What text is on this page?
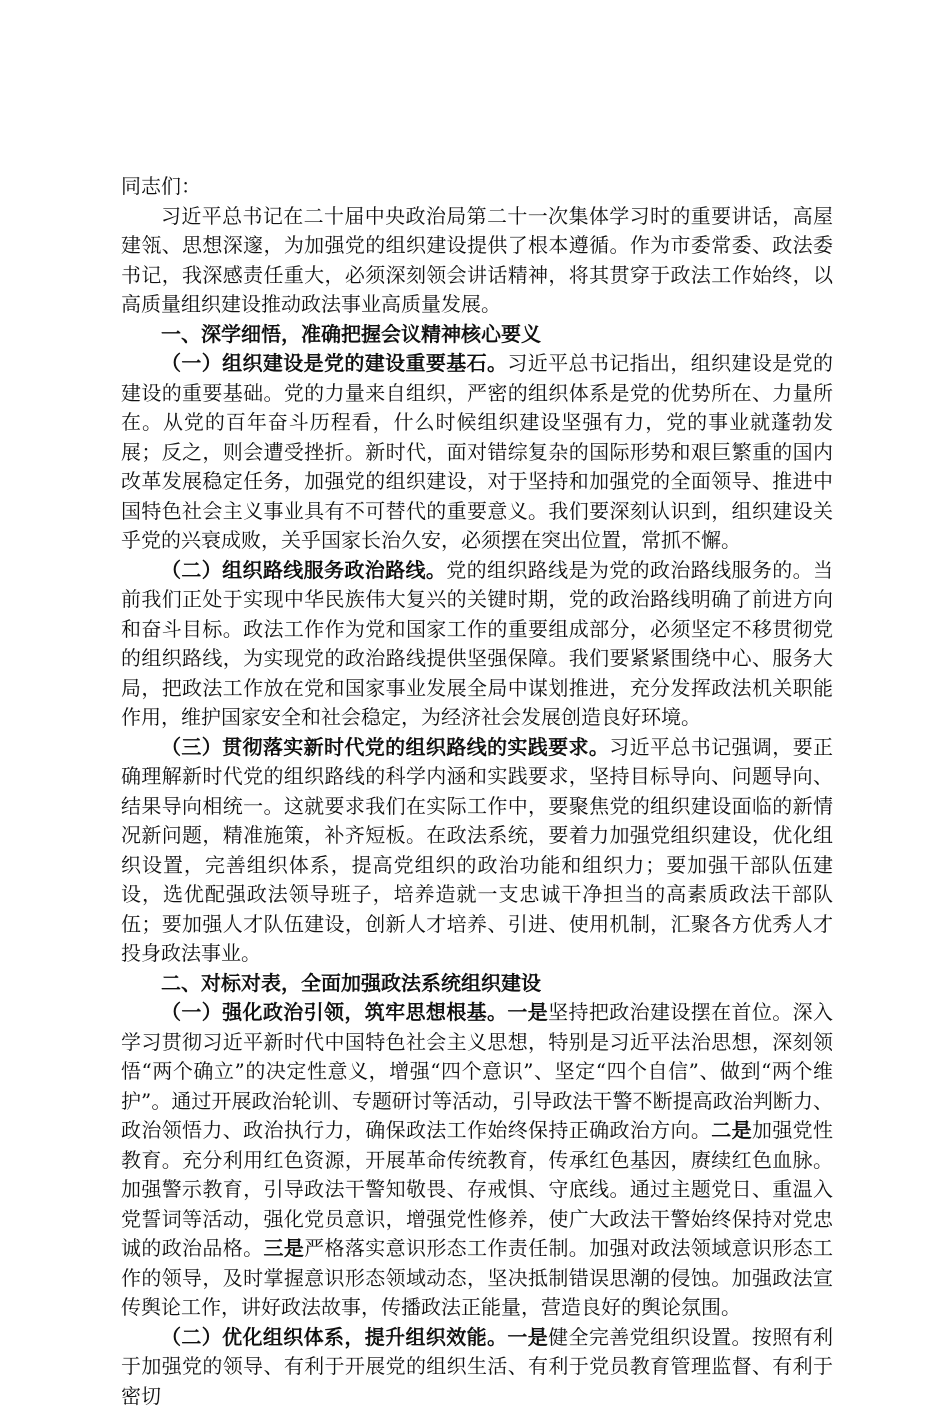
同志们：

习近平总书记在二十届中央政治局第二十一次集体学习时的重要讲话，高屋建瓴、思想深邃，为加强党的组织建设提供了根本遵循。作为市委常委、政法委书记，我深感责任重大，必须深刻领会讲话精神，将其贯穿于政法工作始终，以高质量组织建设推动政法事业高质量发展。

一、深学细悟，准确把握会议精神核心要义

（一）组织建设是党的建设重要基石。习近平总书记指出，组织建设是党的建设的重要基础。党的力量来自组织，严密的组织体系是党的优势所在、力量所在。从党的百年奋斗历程看，什么时候组织建设坚强有力，党的事业就蓬勃发展；反之，则会遭受挫折。新时代，面对错综复杂的国际形势和艰巨繁重的国内改革发展稳定任务，加强党的组织建设，对于坚持和加强党的全面领导、推进中国特色社会主义事业具有不可替代的重要意义。我们要深刻认识到，组织建设关乎党的兴衰成败，关乎国家长治久安，必须摆在突出位置，常抓不懈。

（二）组织路线服务政治路线。党的组织路线是为党的政治路线服务的。当前我们正处于实现中华民族伟大复兴的关键时期，党的政治路线明确了前进方向和奋斗目标。政法工作作为党和国家工作的重要组成部分，必须坚定不移贯彻党的组织路线，为实现党的政治路线提供坚强保障。我们要紧紧围绕中心、服务大局，把政法工作放在党和国家事业发展全局中谋划推进，充分发挥政法机关职能作用，维护国家安全和社会稳定，为经济社会发展创造良好环境。

（三）贯彻落实新时代党的组织路线的实践要求。习近平总书记强调，要正确理解新时代党的组织路线的科学内涵和实践要求，坚持目标导向、问题导向、结果导向相统一。这就要求我们在实际工作中，要聚焦党的组织建设面临的新情况新问题，精准施策，补齐短板。在政法系统，要着力加强党组织建设，优化组织设置，完善组织体系，提高党组织的政治功能和组织力；要加强干部队伍建设，选优配强政法领导班子，培养造就一支忠诚干净担当的高素质政法干部队伍；要加强人才队伍建设，创新人才培养、引进、使用机制，汇聚各方优秀人才投身政法事业。

二、对标对表，全面加强政法系统组织建设

（一）强化政治引领，筑牢思想根基。一是坚持把政治建设摆在首位。深入学习贯彻习近平新时代中国特色社会主义思想，特别是习近平法治思想，深刻领悟“两个确立”的决定性意义，增强“四个意识”、坚定“四个自信”、做到“两个维护”。通过开展政治轮训、专题研讨等活动，引导政法干警不断提高政治判断力、政治领悟力、政治执行力，确保政法工作始终保持正确政治方向。二是加强党性教育。充分利用红色资源，开展革命传统教育，传承红色基因，赓续红色血脉。加强警示教育，引导政法干警知敬畏、存戒惧、守底线。通过主题党日、重温入党誓词等活动，强化党员意识，增强党性修养，使广大政法干警始终保持对党忠诚的政治品格。三是严格落实意识形态工作责任制。加强对政法领域意识形态工作的领导，及时掌握意识形态领域动态，坚决抵制错误思潮的侵蚀。加强政法宣传舆论工作，讲好政法故事，传播政法正能量，营造良好的舆论氛围。

（二）优化组织体系，提升组织效能。一是健全完善党组织设置。按照有利于加强党的领导、有利于开展党的组织生活、有利于党员教育管理监督、有利于密切
